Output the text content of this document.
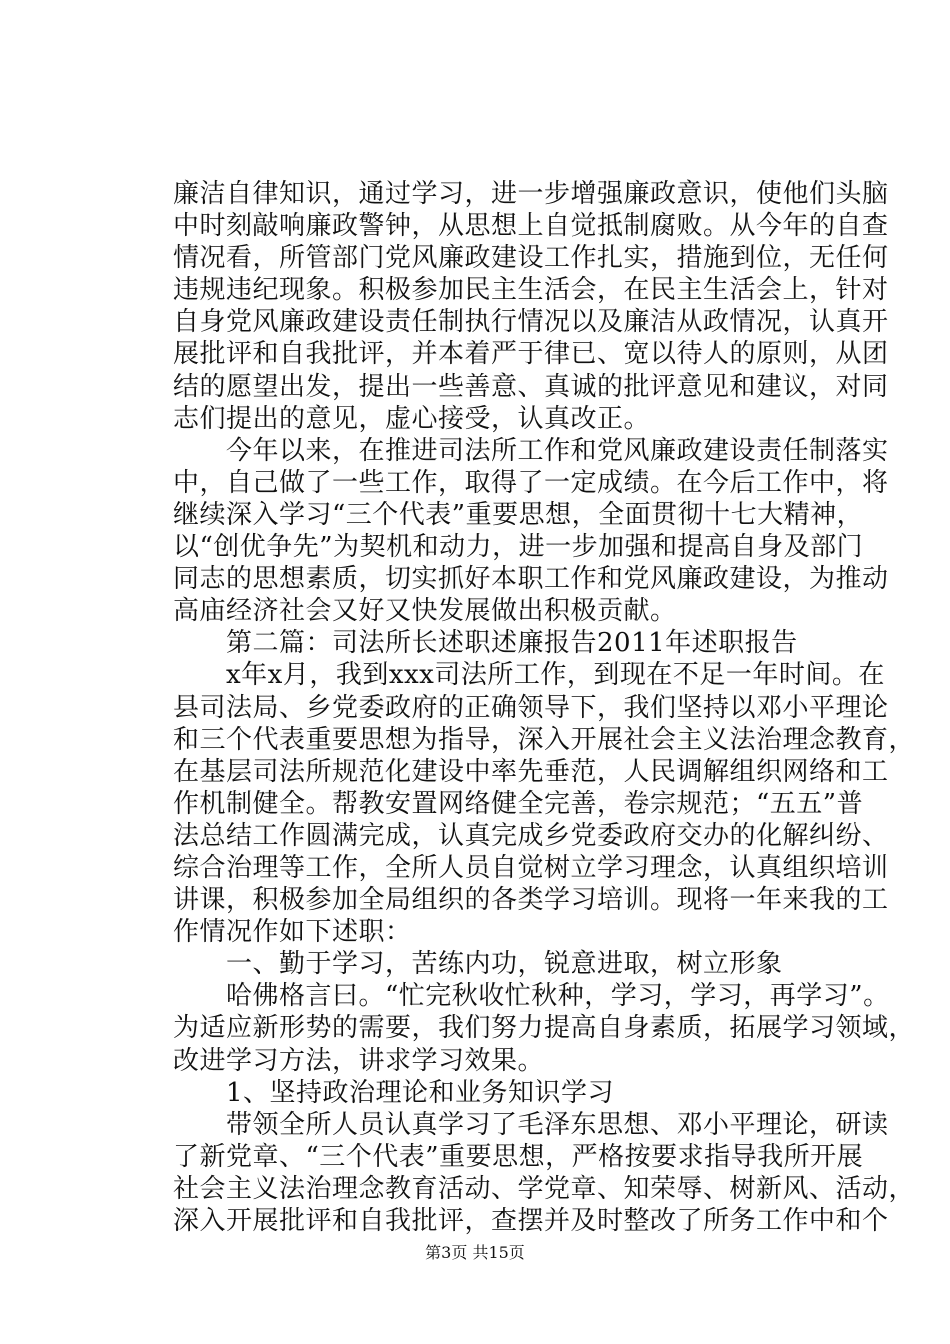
廉洁自律知识，通过学习，进一步增强廉政意识，使他们头脑
中时刻敲响廉政警钟，从思想上自觉抵制腐败。从今年的自查
情况看，所管部门党风廉政建设工作扎实，措施到位，无任何
违规违纪现象。积极参加民主生活会，在民主生活会上，针对
自身党风廉政建设责任制执行情况以及廉洁从政情况，认真开
展批评和自我批评，并本着严于律已、宽以待人的原则，从团
结的愿望出发，提出一些善意、真诚的批评意见和建议，对同
志们提出的意见，虚心接受，认真改正。
　　今年以来，在推进司法所工作和党风廉政建设责任制落实
中，自己做了一些工作，取得了一定成绩。在今后工作中，将
继续深入学习“三个代表”重要思想，全面贯彻十七大精神，
以“创优争先”为契机和动力，进一步加强和提高自身及部门
同志的思想素质，切实抓好本职工作和党风廉政建设，为推动
高庙经济社会又好又快发展做出积极贡献。
　　第二篇：司法所长述职述廉报告2011年述职报告
　　x年x月，我到xxx司法所工作，到现在不足一年时间。在
县司法局、乡党委政府的正确领导下，我们坚持以邓小平理论
和三个代表重要思想为指导，深入开展社会主义法治理念教育，
在基层司法所规范化建设中率先垂范，人民调解组织网络和工
作机制健全。帮教安置网络健全完善，卷宗规范；“五五”普
法总结工作圆满完成，认真完成乡党委政府交办的化解纠纷、
综合治理等工作，全所人员自觉树立学习理念，认真组织培训
讲课，积极参加全局组织的各类学习培训。现将一年来我的工
作情况作如下述职：
　　一、勤于学习，苦练内功，锐意进取，树立形象
　　哈佛格言曰。“忙完秋收忙秋种，学习，学习，再学习”。
为适应新形势的需要，我们努力提高自身素质，拓展学习领域，
改进学习方法，讲求学习效果。
　　1、坚持政治理论和业务知识学习
　　带领全所人员认真学习了毛泽东思想、邓小平理论，研读
了新党章、“三个代表”重要思想，严格按要求指导我所开展
社会主义法治理念教育活动、学党章、知荣辱、树新风、活动，
深入开展批评和自我批评，查摆并及时整改了所务工作中和个
第3页 共15页
